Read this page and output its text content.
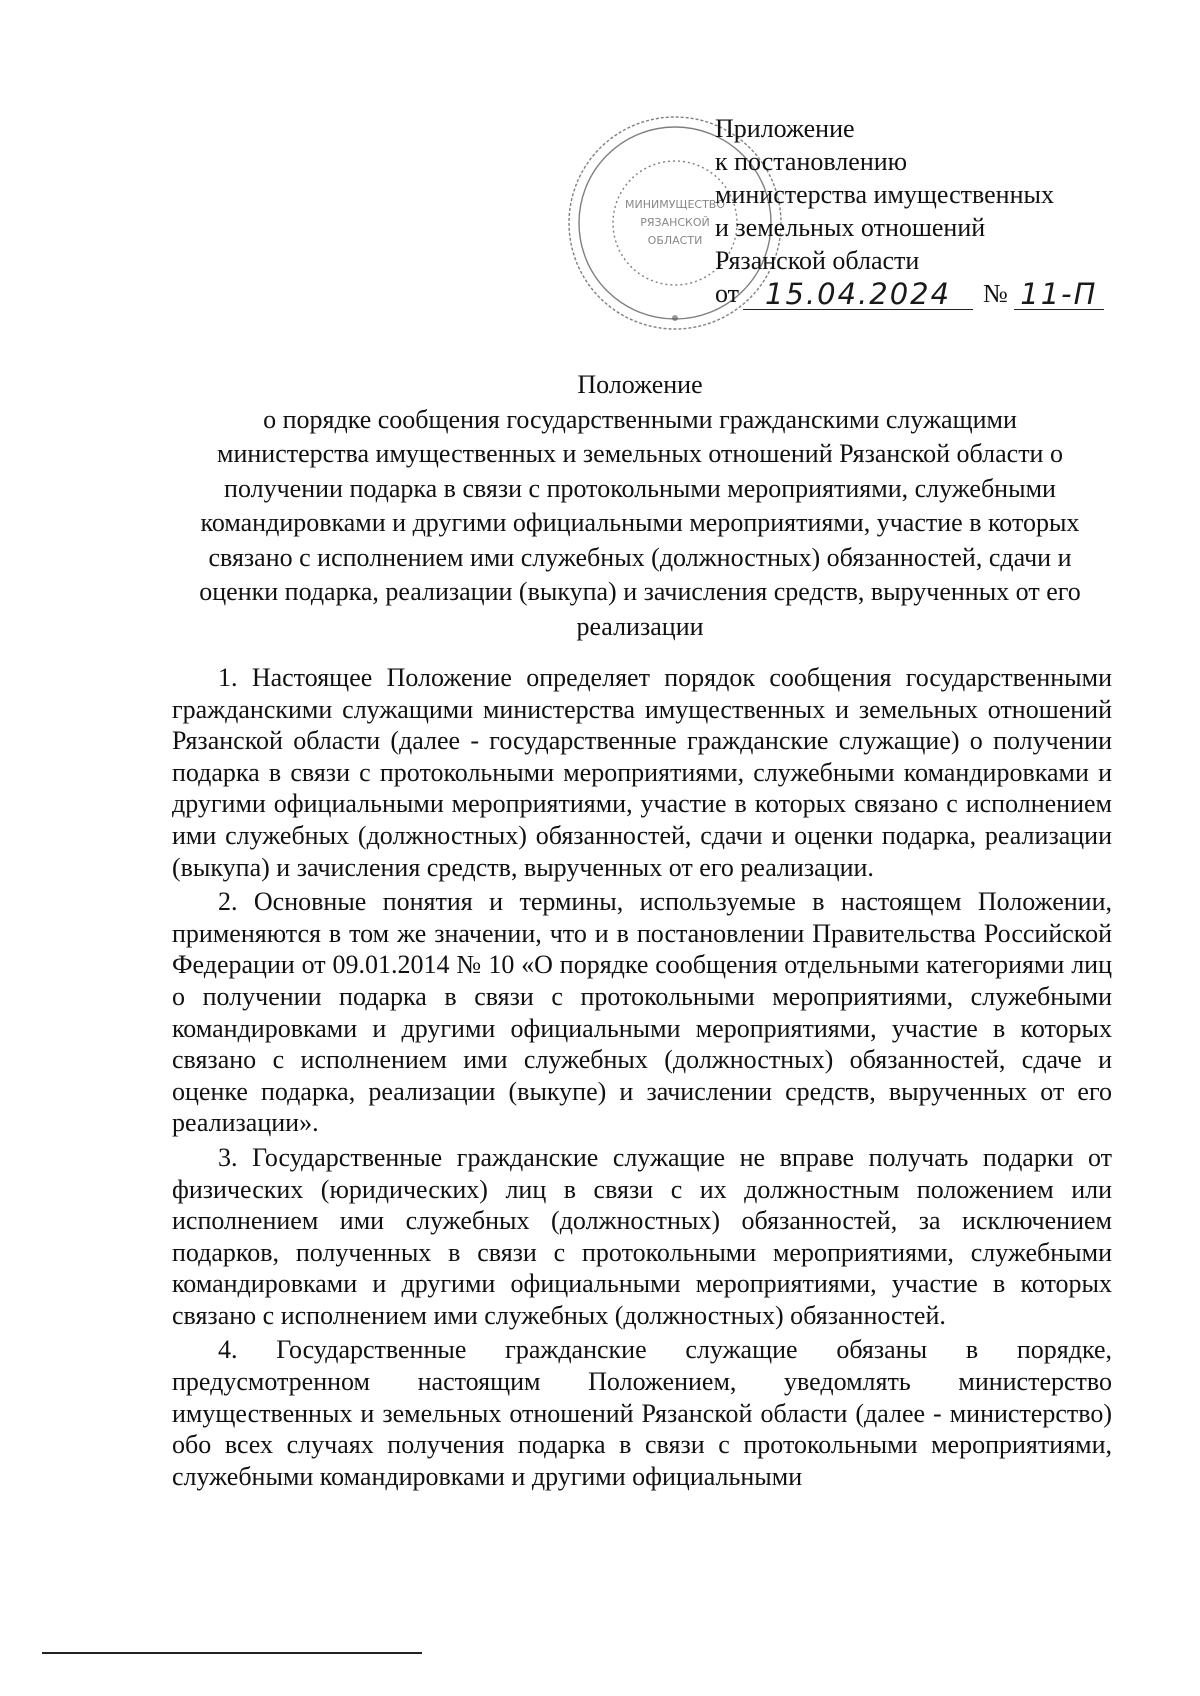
МИНИМУЩЕСТВО
РЯЗАНСКОЙ
ОБЛАСТИ
Приложение
к постановлению
министерства имущественных
и земельных отношений
Рязанской области
от 15.04.2024	№ 11-П
Положение
о порядке сообщения государственными гражданскими служащими министерства имущественных и земельных отношений Рязанской области о получении подарка в связи с протокольными мероприятиями, служебными командировками и другими официальными мероприятиями, участие в которых связано с исполнением ими служебных (должностных) обязанностей, сдачи и оценки подарка, реализации (выкупа) и зачисления средств, вырученных от его реализации

1. Настоящее Положение определяет порядок сообщения государственными гражданскими служащими министерства имущественных и земельных отношений Рязанской области (далее - государственные гражданские служащие) о получении подарка в связи с протокольными мероприятиями, служебными командировками и другими официальными мероприятиями, участие в которых связано с исполнением ими служебных (должностных) обязанностей, сдачи и оценки подарка, реализации (выкупа) и зачисления средств, вырученных от его реализации.

2. Основные понятия и термины, используемые в настоящем Положении, применяются в том же значении, что и в постановлении Правительства Российской Федерации от 09.01.2014 № 10 «О порядке сообщения отдельными категориями лиц о получении подарка в связи с протокольными мероприятиями, служебными командировками и другими официальными мероприятиями, участие в которых связано с исполнением ими служебных (должностных) обязанностей, сдаче и оценке подарка, реализации (выкупе) и зачислении средств, вырученных от его реализации».

3. Государственные гражданские служащие не вправе получать подарки от физических (юридических) лиц в связи с их должностным положением или исполнением ими служебных (должностных) обязанностей, за исключением подарков, полученных в связи с протокольными мероприятиями, служебными командировками и другими официальными мероприятиями, участие в которых связано с исполнением ими служебных (должностных) обязанностей.

4. Государственные гражданские служащие обязаны в порядке, предусмотренном настоящим Положением, уведомлять министерство имущественных и земельных отношений Рязанской области (далее - министерство) обо всех случаях получения подарка в связи с протокольными мероприятиями, служебными командировками и другими официальными
